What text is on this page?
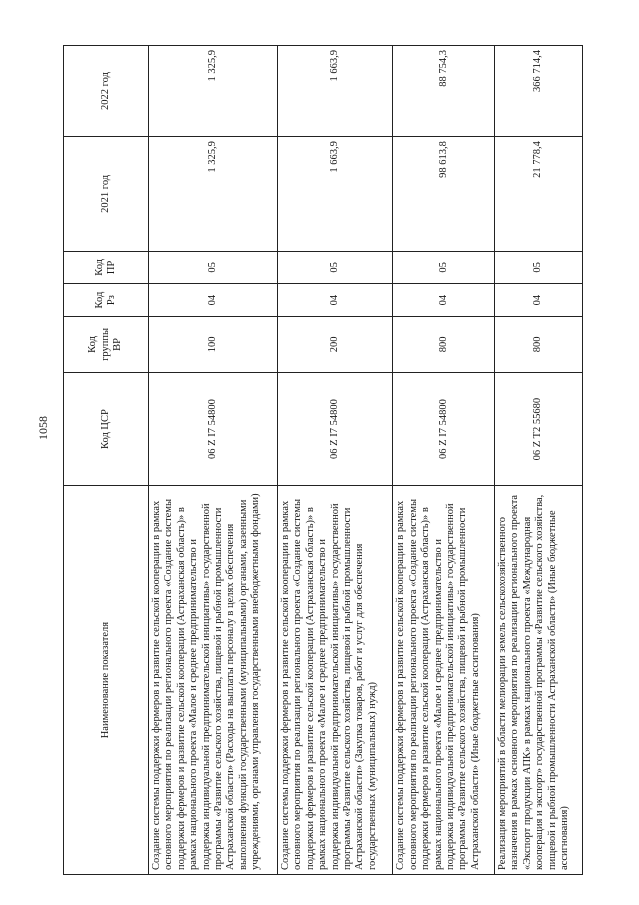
1058
Наименование показателя	Код ЦСР	Код группы ВР	Код Рз	Код ПР	2021 год	2022 год
Создание системы поддержки фермеров и развитие сельской кооперации в рамках основного мероприятия по реализации регионального проекта «Создание системы поддержки фермеров и развитие сельской кооперации (Астраханская область)» в рамках национального проекта «Малое и среднее предпринимательство и поддержка индивидуальной предпринимательской инициативы» государственной программы «Развитие сельского хозяйства, пищевой и рыбной промышленности Астраханской области» (Расходы на выплаты персоналу в целях обеспечения выполнения функций государственными (муниципальными) органами, казенными учреждениями, органами управления государственными внебюджетными фондами)	06 Z I7 54800	100	04	05	1 325,9	1 325,9
Создание системы поддержки фермеров и развитие сельской кооперации в рамках основного мероприятия по реализации регионального проекта «Создание системы поддержки фермеров и развитие сельской кооперации (Астраханская область)» в рамках национального проекта «Малое и среднее предпринимательство и поддержка индивидуальной предпринимательской инициативы» государственной программы «Развитие сельского хозяйства, пищевой и рыбной промышленности Астраханской области» (Закупка товаров, работ и услуг для обеспечения государственных (муниципальных) нужд)	06 Z I7 54800	200	04	05	1 663,9	1 663,9
Создание системы поддержки фермеров и развитие сельской кооперации в рамках основного мероприятия по реализации регионального проекта «Создание системы поддержки фермеров и развитие сельской кооперации (Астраханская область)» в рамках национального проекта «Малое и среднее предпринимательство и поддержка индивидуальной предпринимательской инициативы» государственной программы «Развитие сельского хозяйства, пищевой и рыбной промышленности Астраханской области» (Иные бюджетные ассигнования)	06 Z I7 54800	800	04	05	98 613,8	88 754,3
Реализация мероприятий в области мелиорации земель сельскохозяйственного назначения в рамках основного мероприятия по реализации регионального проекта «Экспорт продукции АПК» в рамках национального проекта «Международная кооперация и экспорт» государственной программы «Развитие сельского хозяйства, пищевой и рыбной промышленности Астраханской области» (Иные бюджетные ассигнования)	06 Z T2 55680	800	04	05	21 778,4	366 714,4
